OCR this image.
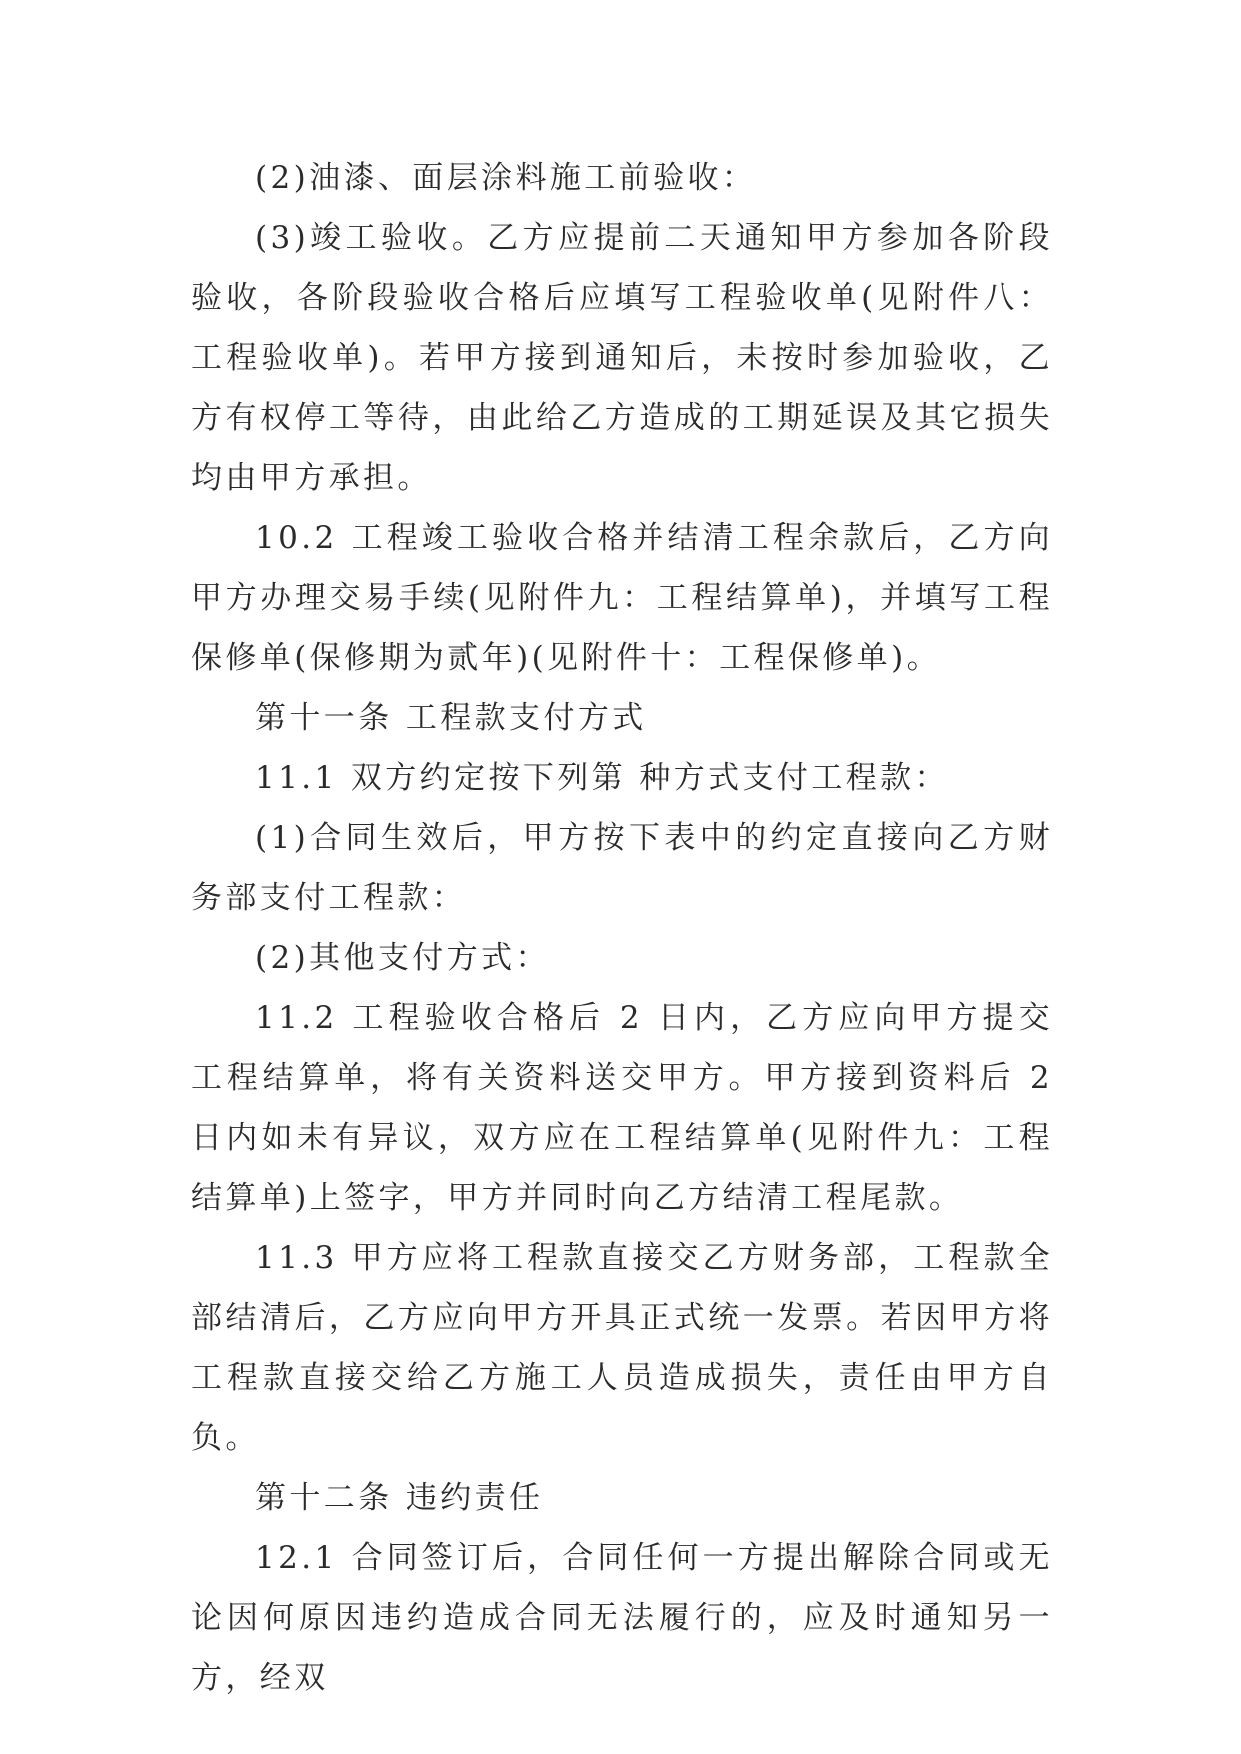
(2)油漆、面层涂料施工前验收：

(3)竣工验收。乙方应提前二天通知甲方参加各阶段验收，各阶段验收合格后应填写工程验收单(见附件八：工程验收单)。若甲方接到通知后，未按时参加验收，乙方有权停工等待，由此给乙方造成的工期延误及其它损失均由甲方承担。

10.2 工程竣工验收合格并结清工程余款后，乙方向甲方办理交易手续(见附件九：工程结算单)，并填写工程保修单(保修期为贰年)(见附件十：工程保修单)。

第十一条 工程款支付方式

11.1 双方约定按下列第 种方式支付工程款：

(1)合同生效后，甲方按下表中的约定直接向乙方财务部支付工程款：

(2)其他支付方式：

11.2 工程验收合格后 2 日内，乙方应向甲方提交工程结算单，将有关资料送交甲方。甲方接到资料后 2 日内如未有异议，双方应在工程结算单(见附件九：工程结算单)上签字，甲方并同时向乙方结清工程尾款。

11.3 甲方应将工程款直接交乙方财务部，工程款全部结清后，乙方应向甲方开具正式统一发票。若因甲方将工程款直接交给乙方施工人员造成损失，责任由甲方自负。

第十二条 违约责任

12.1 合同签订后，合同任何一方提出解除合同或无论因何原因违约造成合同无法履行的，应及时通知另一方，经双
